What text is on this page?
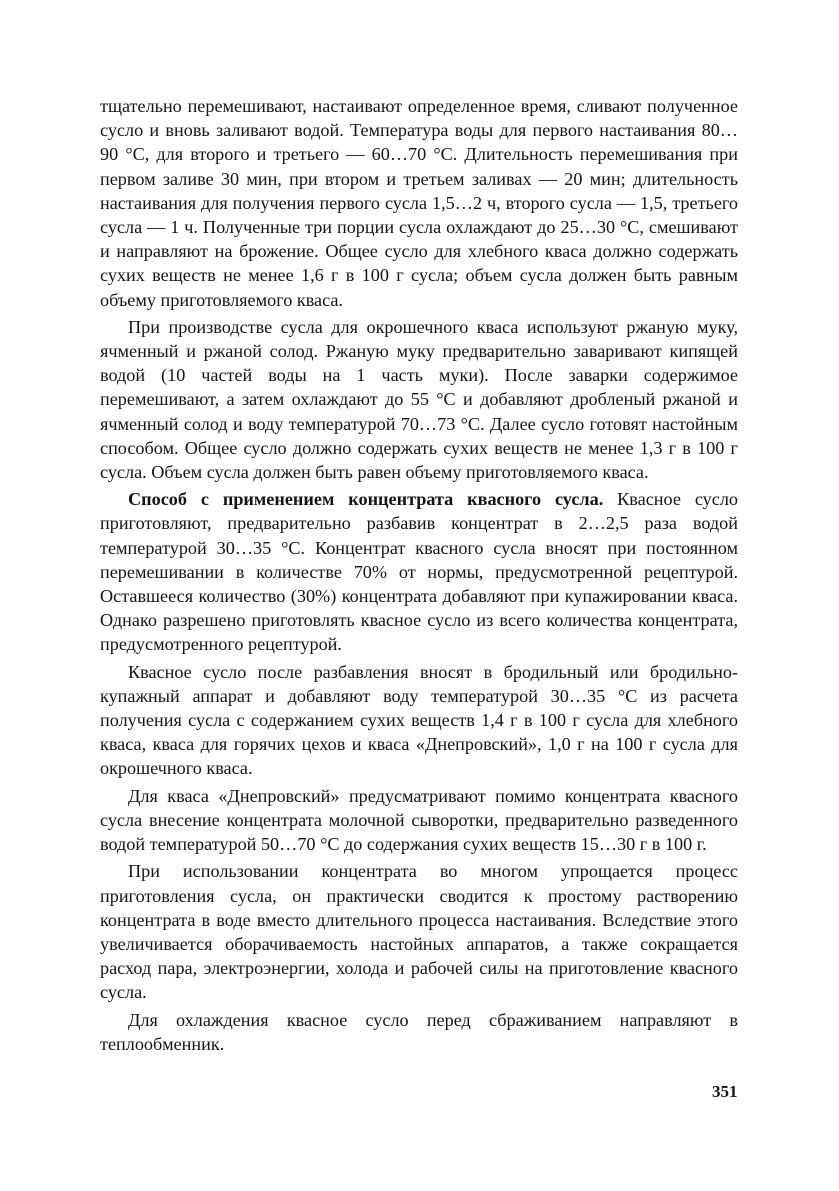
тщательно перемешивают, настаивают определенное время, сливают полученное сусло и вновь заливают водой. Температура воды для первого настаивания 80…90 °С, для второго и третьего — 60…70 °С. Длительность перемешивания при первом заливе 30 мин, при втором и третьем заливах — 20 мин; длительность настаивания для получения первого сусла 1,5…2 ч, второго сусла — 1,5, третьего сусла — 1 ч. Полученные три порции сусла охлаждают до 25…30 °С, смешивают и направляют на брожение. Общее сусло для хлебного кваса должно содержать сухих веществ не менее 1,6 г в 100 г сусла; объем сусла должен быть равным объему приготовляемого кваса.

При производстве сусла для окрошечного кваса используют ржаную муку, ячменный и ржаной солод. Ржаную муку предварительно заваривают кипящей водой (10 частей воды на 1 часть муки). После заварки содержимое перемешивают, а затем охлаждают до 55 °С и добавляют дробленый ржаной и ячменный солод и воду температурой 70…73 °С. Далее сусло готовят настойным способом. Общее сусло должно содержать сухих веществ не менее 1,3 г в 100 г сусла. Объем сусла должен быть равен объему приготовляемого кваса.

Способ с применением концентрата квасного сусла. Квасное сусло приготовляют, предварительно разбавив концентрат в 2…2,5 раза водой температурой 30…35 °С. Концентрат квасного сусла вносят при постоянном перемешивании в количестве 70% от нормы, предусмотренной рецептурой. Оставшееся количество (30%) концентрата добавляют при купажировании кваса. Однако разрешено приготовлять квасное сусло из всего количества концентрата, предусмотренного рецептурой.

Квасное сусло после разбавления вносят в бродильный или бродильно-купажный аппарат и добавляют воду температурой 30…35 °С из расчета получения сусла с содержанием сухих веществ 1,4 г в 100 г сусла для хлебного кваса, кваса для горячих цехов и кваса «Днепровский», 1,0 г на 100 г сусла для окрошечного кваса.

Для кваса «Днепровский» предусматривают помимо концентрата квасного сусла внесение концентрата молочной сыворотки, предварительно разведенного водой температурой 50…70 °С до содержания сухих веществ 15…30 г в 100 г.

При использовании концентрата во многом упрощается процесс приготовления сусла, он практически сводится к простому растворению концентрата в воде вместо длительного процесса настаивания. Вследствие этого увеличивается оборачиваемость настойных аппаратов, а также сокращается расход пара, электроэнергии, холода и рабочей силы на приготовление квасного сусла.

Для охлаждения квасное сусло перед сбраживанием направляют в теплообменник.

351
